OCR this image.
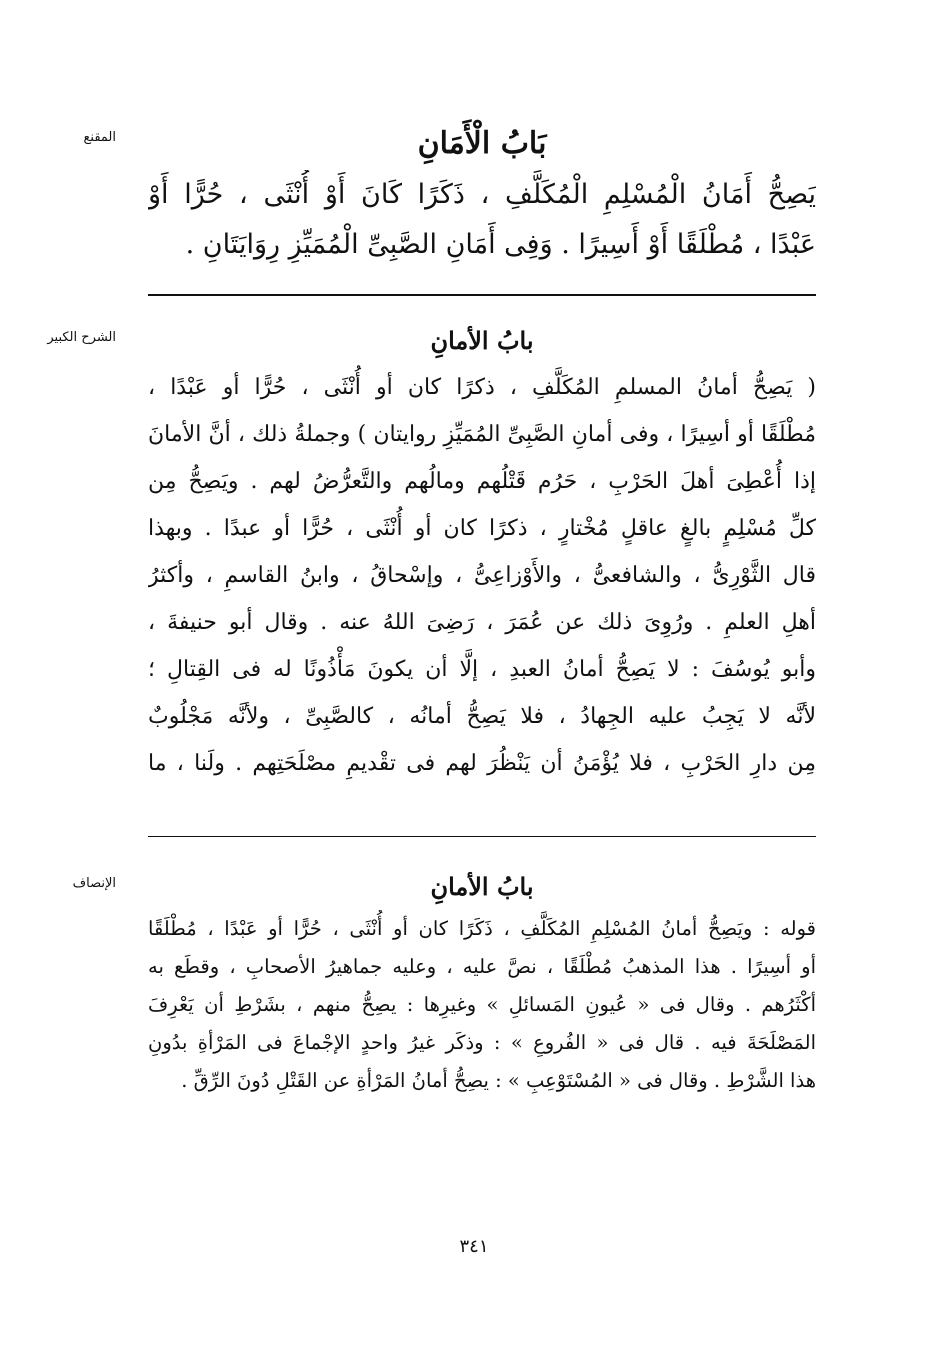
المقنع
الشرح الكبير
الإنصاف
بَابُ الْأَمَانِ
يَصِحُّ أَمَانُ الْمُسْلِمِ الْمُكَلَّفِ ، ذَكَرًا كَانَ أَوْ أُنْثَى ، حُرًّا أَوْ
عَبْدًا ، مُطْلَقًا أَوْ أَسِيرًا . وَفِى أَمَانِ الصَّبِىِّ الْمُمَيِّزِ رِوَايَتَانِ .
بابُ الأمانِ
( يَصِحُّ أمانُ المسلمِ المُكَلَّفِ ، ذكرًا كان أو أُنْثَى ، حُرًّا أو عَبْدًا ،
مُطْلَقًا أو أسِيرًا ، وفى أمانِ الصَّبِىِّ المُمَيِّزِ روايتان ) وجملةُ ذلك ، أنَّ الأمانَ
إذا أُعْطِىَ أهلَ الحَرْبِ ، حَرُم قَتْلُهم ومالُهم والتَّعرُّضُ لهم . ويَصِحُّ مِن
كلِّ مُسْلِمٍ بالغٍ عاقلٍ مُخْتارٍ ، ذكرًا كان أو أُنْثَى ، حُرًّا أو عبدًا . وبهذا
قال الثَّوْرِىُّ ، والشافعىُّ ، والأَوْزاعِىُّ ، وإسْحاقُ ، وابنُ القاسمِ ، وأكثرُ
أهلِ العلمِ . ورُوِىَ ذلك عن عُمَرَ ، رَضِىَ اللهُ عنه . وقال أبو حنيفةَ ،
وأبو يُوسُفَ : لا يَصِحُّ أمانُ العبدِ ، إلَّا أن يكونَ مَأْذُونًا له فى القِتالِ ؛
لأنَّه لا يَجِبُ عليه الجِهادُ ، فلا يَصِحُّ أمانُه ، كالصَّبِىِّ ، ولأنَّه مَجْلُوبٌ
مِن دارِ الحَرْبِ ، فلا يُؤْمَنُ أن يَنْظُرَ لهم فى تقْديمِ مصْلَحَتِهم . ولَنا ، ما
بابُ الأمانِ
قوله : ويَصِحُّ أمانُ المُسْلِمِ المُكَلَّفِ ، ذَكَرًا كان أو أُنْثَى ، حُرًّا أو عَبْدًا ، مُطْلَقًا
أو أسِيرًا . هذا المذهبُ مُطْلَقًا ، نصَّ عليه ، وعليه جماهيرُ الأصحابِ ، وقطَع به
أكْثَرُهم . وقال فى « عُيونِ المَسائلِ » وغيرِها : يصِحُّ منهم ، بشَرْطِ أن يَعْرِفَ
المَصْلَحَةَ فيه . قال فى « الفُروعِ » : وذكَر غيرُ واحدٍ الإجْماعَ فى المَرْأةِ بدُونِ
هذا الشَّرْطِ . وقال فى « المُسْتَوْعِبِ » : يصِحُّ أمانُ المَرْأةِ عن القَتْلِ دُونَ الرِّقِّ .
٣٤١
